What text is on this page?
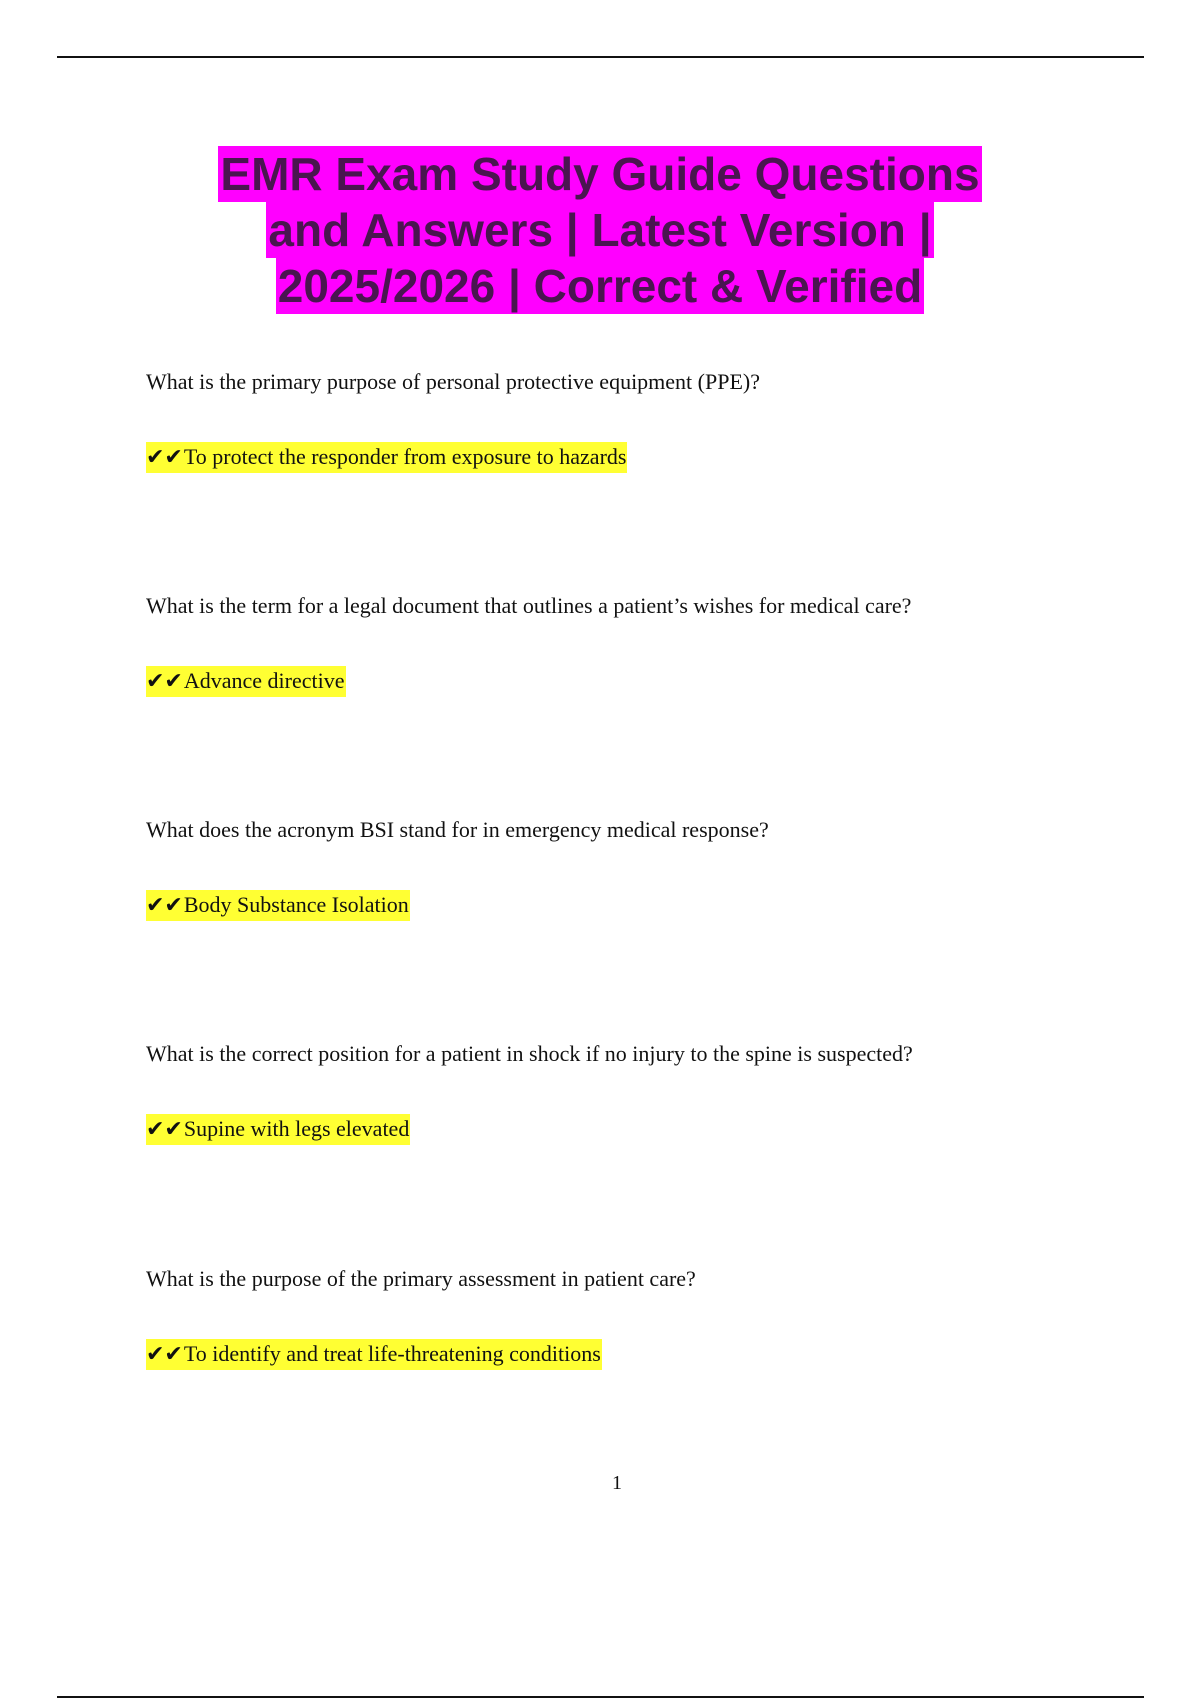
EMR Exam Study Guide Questions
and Answers | Latest Version |
2025/2026 | Correct & Verified
What is the primary purpose of personal protective equipment (PPE)?
✔✔To protect the responder from exposure to hazards
What is the term for a legal document that outlines a patient’s wishes for medical care?
✔✔Advance directive
What does the acronym BSI stand for in emergency medical response?
✔✔Body Substance Isolation
What is the correct position for a patient in shock if no injury to the spine is suspected?
✔✔Supine with legs elevated
What is the purpose of the primary assessment in patient care?
✔✔To identify and treat life-threatening conditions
1
